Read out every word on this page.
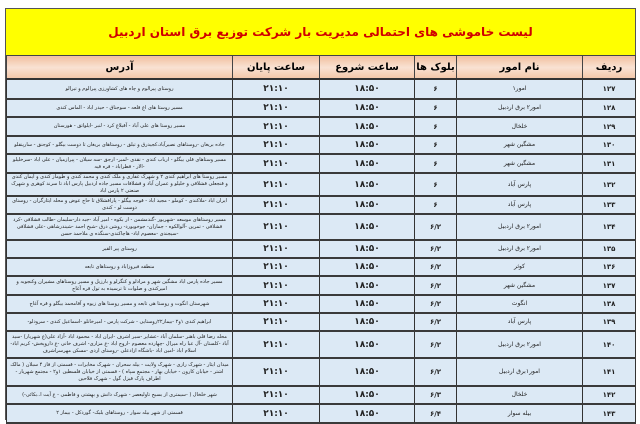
لیست خاموشی های احتمالی مدیریت بار شرکت توزیع برق استان اردبیل
ردیف	نام امور	بلوک ها	ساعت شروع	ساعت پایان	آدرس
۱۲۷	امور۱	۶	۱۸:۵۰	۲۱:۱۰	روستای پیرالوم و چاه های کشاورزی پیرالوم و تیرالو
۱۲۸	امور۲ برق اردبیل	۶	۱۸:۵۰	۲۱:۱۰	مسیر روستا های اغ قلعه - سوجناق - حیدر اباد - الماس کندی
۱۲۹	خلخال	۶	۱۸:۵۰	۲۱:۱۰	مسیر روستا های علی آباد - آقبلاغ کرد - لنبر -ایلواتق - هورستان
۱۳۰	مشگین شهر	۶	۱۸:۵۰	۲۱:۱۰	جاده بریغان -روستاهای نصیرآباد،کجیدرق و تبلق - روستاهای بریغان تا دوست بیگلو - کوجنق - سارپنقلو
۱۳۱	مشگین شهر	۶	۱۸:۵۰	۲۱:۱۰	مسیر وستاهای قلی بیگلو - ارباب کندی - نقدی -لمبر- ارجق -سه سیلان - پیرازمیان - علی اباد -سرخلیلو -الار - قطراباد - قره قیه
۱۳۲	پارس آباد	۶	۱۸:۵۰	۲۱:۱۰	مسیر روستا های ابراهیم کندی ۲ و شهرک غفاری و ملک کندی و محمد کندی و طوماز کندی و ایمان کندی و قنجعلی قشلاقی و خلیلو و عمران آباد و قشلاقات مسیر جاده اردبیل پارس اباد تا سرند کوهری و شهرک صنعتی ۲ پارس اباد
۱۳۳	پارس آباد	۶	۱۸:۵۰	۲۱:۱۰	ایران اباد -ملاکندی - کوملو - مجید اباد - قوجه بیگلو - پارافشلاق تا حاج عوض و محله ایثارگران - روستای دوست لو - کندی
۱۳۴	امور۲ برق اردبیل	۶/۲	۱۸:۵۰	۲۱:۱۰	مسیر روستاهای موسعه -شهریور -گندمشمن - ار بکوه - امیر آباد -جبه دار-سلیمان -طالب قشلاقی -کرد قشلاقی - تمرین -آلوالکوه - جماران- جوخویورد- روشن درق -شیخ احمد -شیندرشاهی -علی قشلاقی -سیجندی -معصوم اباد- هاچاکندی-سنگده ی ملاحمد حسن
۱۳۵	امور۲ برق اردبیل	۶/۲	۱۸:۵۰	۲۱:۱۰	روستای پیر القیر
۱۳۶	کوثر	۶/۲	۱۸:۵۰	۲۱:۱۰	منطقه فیروزاباد و روستاهای تابعه
۱۳۷	مشگین شهر	۶/۲	۱۸:۵۰	۲۱:۱۰	مسیر جاده پارس اباد مشگین شهر و مرادلو و کنگرلو و بارزیل و مسیر روستاهای مشیران وکنجوبه و امیرکندی و صلوات تا ترسیده به تول قره آغاج
۱۳۸	انگوت	۶/۲	۱۸:۵۰	۲۱:۱۰	شهرستان انگوت و روستا هی تابعه و مسیر روستا های زیوه و آقامحمد بیگلو و قره آغاج
۱۳۹	پارس آباد	۶/۲	۱۸:۵۰	۲۱:۱۰	ابراهیم کندی ۱و۲ -بیماز۲۲روستایی - شرکت پارس - امیرخانلو -اسماعیل کندی - سرودلو-
۱۴۰	امور۲ برق اردبیل	۶/۲	۱۸:۵۰	۲۱:۱۰	محله رضا قلی باهنر -سلمان آباد -عشایر -سیر اشرف -ایران اباد - محمود اباد -آزاد علی(ع شهریار) -سید آباد -کلستان -آل عبا راه میرال -چهارده معصوم -اروج اباد -ع مزاری- اشرف خانی -ع داروپخش- کریم اباد-اسلام اباد -امین اباد -باشگاه ازادعلی -روستای اردی -مسکن مهرسراشرف
۱۴۱	امور۱برق اردبیل	۶/۲	۱۸:۵۰	۲۱:۱۰	میدان ایثار - شهرک رازی - شهرک ولایت - بیله سحران - شهرک مخابرات - قسمتی از فاز ۴ سبلان ( مالک اشتر - خیابان کارون - خیابان بهار - مجتمع سپاه ) - قسمتی از خیابان فلسطین ۱و۲ - مجتمع شهریار - اطراف پارک قیزل گول - شهرک فلاحین
۱۴۲	خلخال	۶/۳	۱۸:۵۰	۲۱:۱۰	شهر خلخال ( -سیمتری از بسیج تاولیعصر - شهرک دانش و بهشتی و فاطمی - ع آیت ا..بکائی-)
۱۴۳	بیله سوار	۶/۴	۱۸:۵۰	۲۱:۱۰	قسمتی از شهر بیله سوار - روستاهای بلبک- گوردکل - بیماز ۲
